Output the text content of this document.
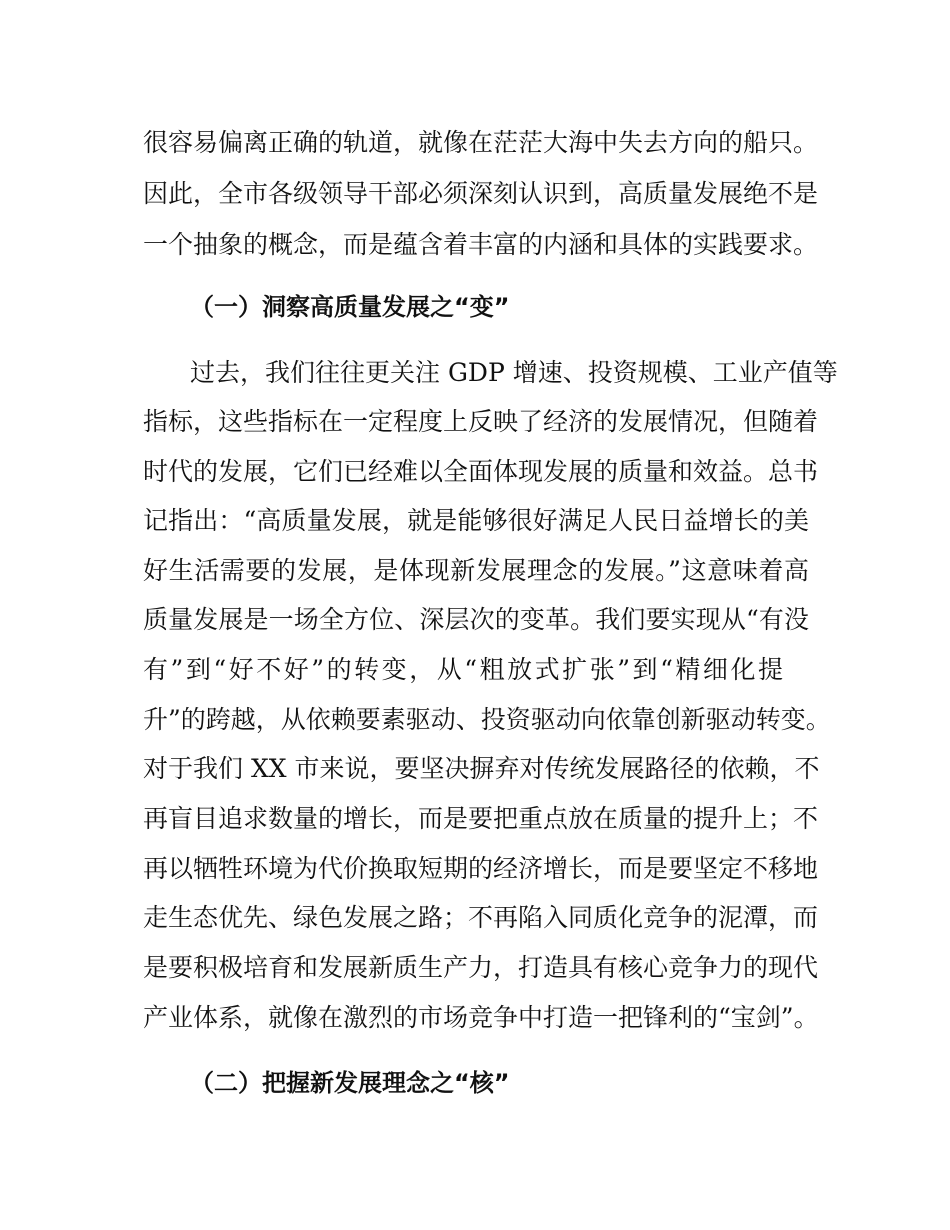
很容易偏离正确的轨道，就像在茫茫大海中失去方向的船只。
因此，全市各级领导干部必须深刻认识到，高质量发展绝不是
一个抽象的概念，而是蕴含着丰富的内涵和具体的实践要求。
（一）洞察高质量发展之“变”
过去，我们往往更关注 GDP 增速、投资规模、工业产值等
指标，这些指标在一定程度上反映了经济的发展情况，但随着
时代的发展，它们已经难以全面体现发展的质量和效益。总书
记指出：“高质量发展，就是能够很好满足人民日益增长的美
好生活需要的发展，是体现新发展理念的发展。”这意味着高
质量发展是一场全方位、深层次的变革。我们要实现从“有没
有”到“好不好”的转变，从“粗放式扩张”到“精细化提
升”的跨越，从依赖要素驱动、投资驱动向依靠创新驱动转变。
对于我们 XX 市来说，要坚决摒弃对传统发展路径的依赖，不
再盲目追求数量的增长，而是要把重点放在质量的提升上；不
再以牺牲环境为代价换取短期的经济增长，而是要坚定不移地
走生态优先、绿色发展之路；不再陷入同质化竞争的泥潭，而
是要积极培育和发展新质生产力，打造具有核心竞争力的现代
产业体系，就像在激烈的市场竞争中打造一把锋利的“宝剑”。
（二）把握新发展理念之“核”
